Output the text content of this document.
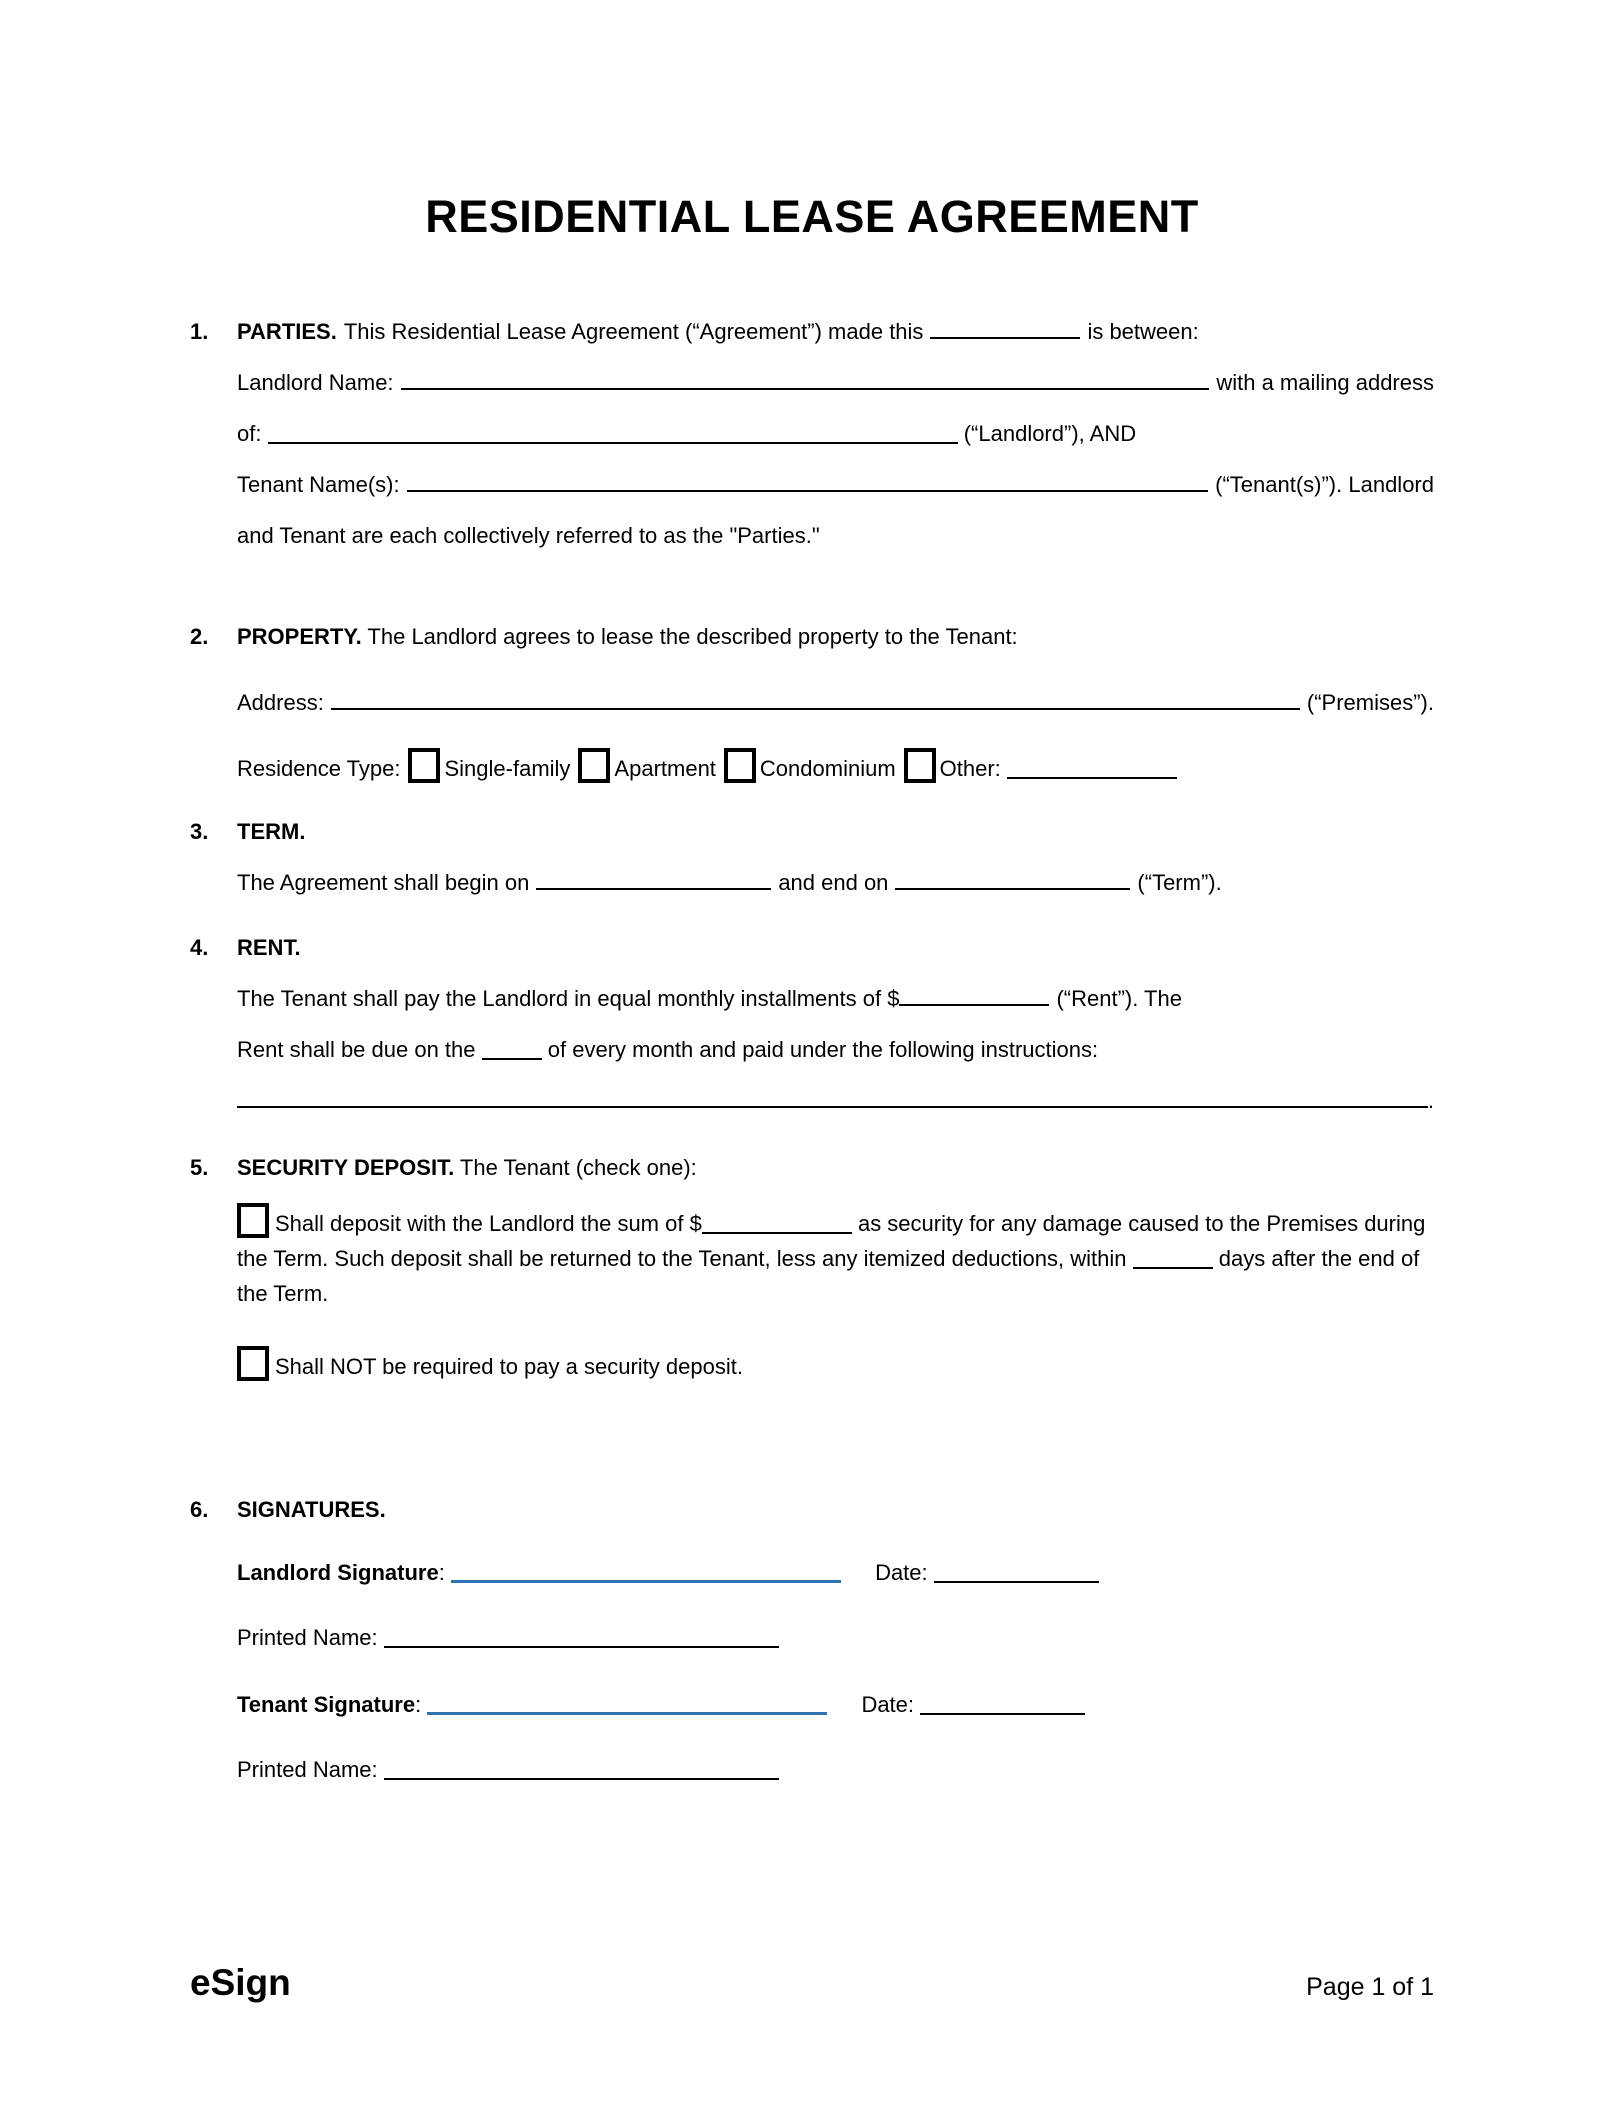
RESIDENTIAL LEASE AGREEMENT
1.	PARTIES. This Residential Lease Agreement (“Agreement”) made this	is between:
Landlord Name:	with a mailing address
of:	(“Landlord”), AND
Tenant Name(s):	(“Tenant(s)”). Landlord
and Tenant are each collectively referred to as the "Parties."
2.	PROPERTY. The Landlord agrees to lease the described property to the Tenant:
Address:	(“Premises”).
Residence Type: Single-family Apartment Condominium Other:
3.	TERM.
The Agreement shall begin on	and end on	(“Term”).
4.	RENT.
The Tenant shall pay the Landlord in equal monthly installments of $	(“Rent”). The
Rent shall be due on the	of every month and paid under the following instructions:
.
5.	SECURITY DEPOSIT. The Tenant (check one):
Shall deposit with the Landlord the sum of $	as security for any damage caused to the Premises during the Term. Such deposit shall be returned to the Tenant, less any itemized deductions, within	days after the end of the Term.
Shall NOT be required to pay a security deposit.
6.	SIGNATURES.
Landlord Signature:	Date:
Printed Name:
Tenant Signature:	Date:
Printed Name:
eSign	Page 1 of 1
